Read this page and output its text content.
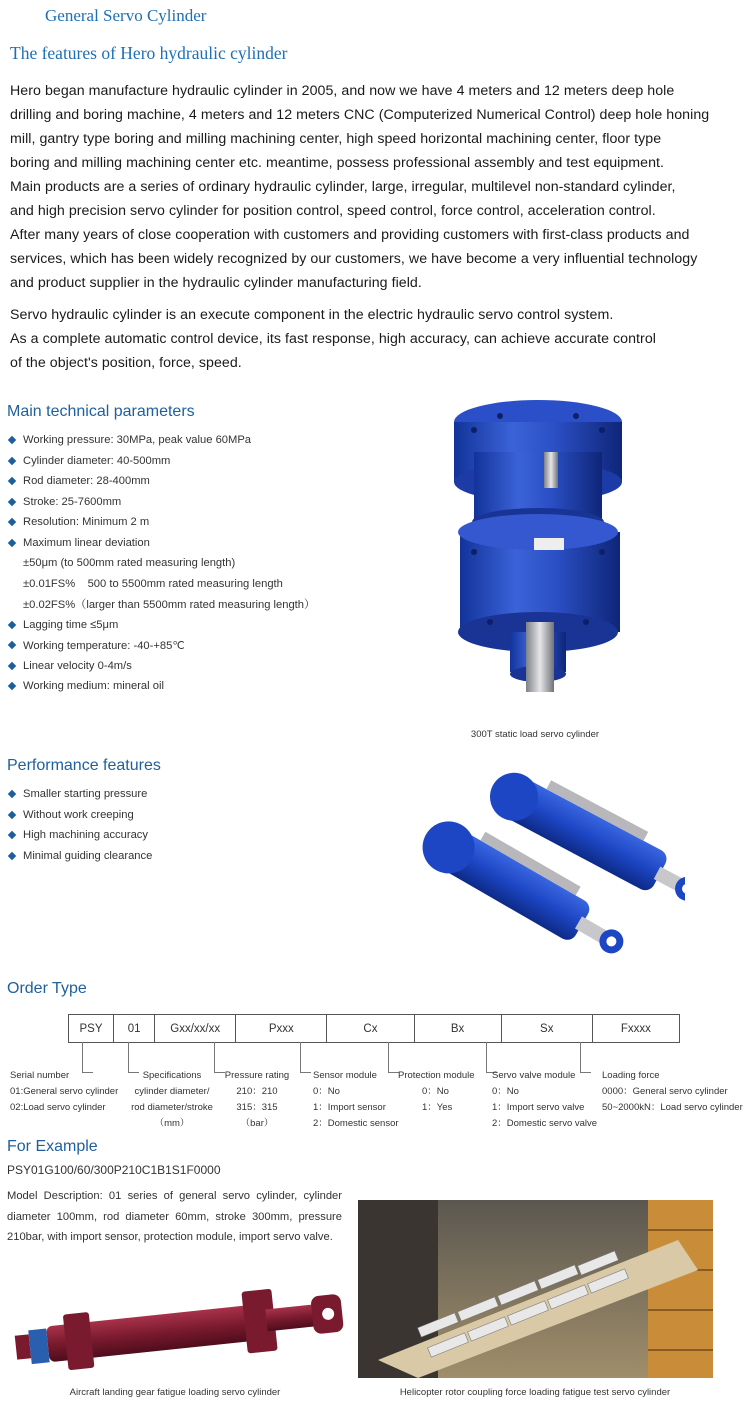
General Servo Cylinder
The features of Hero hydraulic cylinder
Hero began manufacture hydraulic cylinder in 2005, and now we have 4 meters and 12 meters deep hole
drilling and boring machine, 4 meters and 12 meters CNC (Computerized Numerical Control) deep hole honing
mill, gantry type boring and milling machining center, high speed horizontal machining center, floor type
boring and milling machining center etc. meantime, possess professional assembly and test equipment.
Main products are a series of ordinary hydraulic cylinder, large, irregular, multilevel non-standard cylinder,
and high precision servo cylinder for position control, speed control, force control, acceleration control.
After many years of close cooperation with customers and providing customers with first-class products and
services, which has been widely recognized by our customers, we have become a very influential technology
and product supplier in the hydraulic cylinder manufacturing field.
Servo hydraulic cylinder is an execute component in the electric hydraulic servo control system.
As a complete automatic control device, its fast response, high accuracy, can achieve accurate control
of the object's position, force, speed.
Main technical parameters
Working pressure: 30MPa, peak value 60MPa
Cylinder diameter: 40-500mm
Rod diameter: 28-400mm
Stroke: 25-7600mm
Resolution: Minimum 2 m
Maximum linear deviation
±50μm (to 500mm rated measuring length)
±0.01FS%    500 to 5500mm rated measuring length
±0.02FS%（larger than 5500mm rated measuring length）
Lagging time ≤5μm
Working temperature: -40-+85℃
Linear velocity 0-4m/s
Working medium: mineral oil
300T static load servo cylinder
Performance features
Smaller starting pressure
Without work creeping
High machining accuracy
Minimal guiding clearance
Order Type
PSY	01	Gxx/xx/xx	Pxxx	Cx	Bx	Sx	Fxxxx
Serial number
01:General servo cylinder
02:Load servo cylinder
Specifications
cylinder diameter/
rod diameter/stroke
（mm）
Pressure rating
210：210
315：315
（bar）
Sensor module
0：No
1：Import sensor
2：Domestic sensor
Protection module
0：No
1：Yes
Servo valve module
0：No
1：Import servo valve
2：Domestic servo valve
Loading force
0000：General servo cylinder
50~2000kN：Load servo cylinder
For Example
PSY01G100/60/300P210C1B1S1F0000
Model Description: 01 series of general servo cylinder, cylinder
diameter 100mm, rod diameter 60mm, stroke 300mm, pressure
210bar, with import sensor, protection module, import servo valve.
Aircraft landing gear fatigue loading servo cylinder	Helicopter rotor coupling force loading fatigue test servo cylinder
